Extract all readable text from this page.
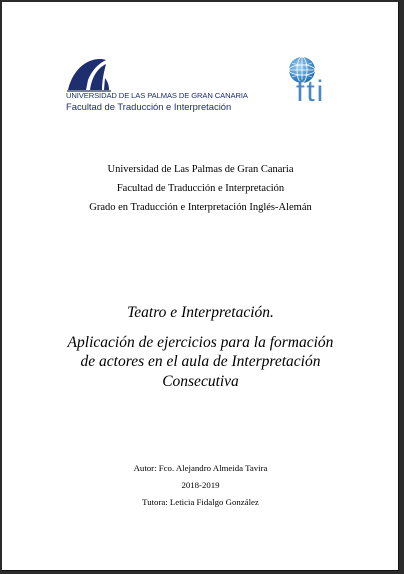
UNIVERSIDAD DE LAS PALMAS DE GRAN CANARIA
Facultad de Traducción e Interpretación fti
Universidad de Las Palmas de Gran Canaria
Facultad de Traducción e Interpretación
Grado en Traducción e Interpretación Inglés-Alemán
Teatro e Interpretación.
Aplicación de ejercicios para la formación
de actores en el aula de Interpretación
Consecutiva
Autor: Fco. Alejandro Almeida Tavira
2018-2019
Tutora: Leticia Fidalgo González
